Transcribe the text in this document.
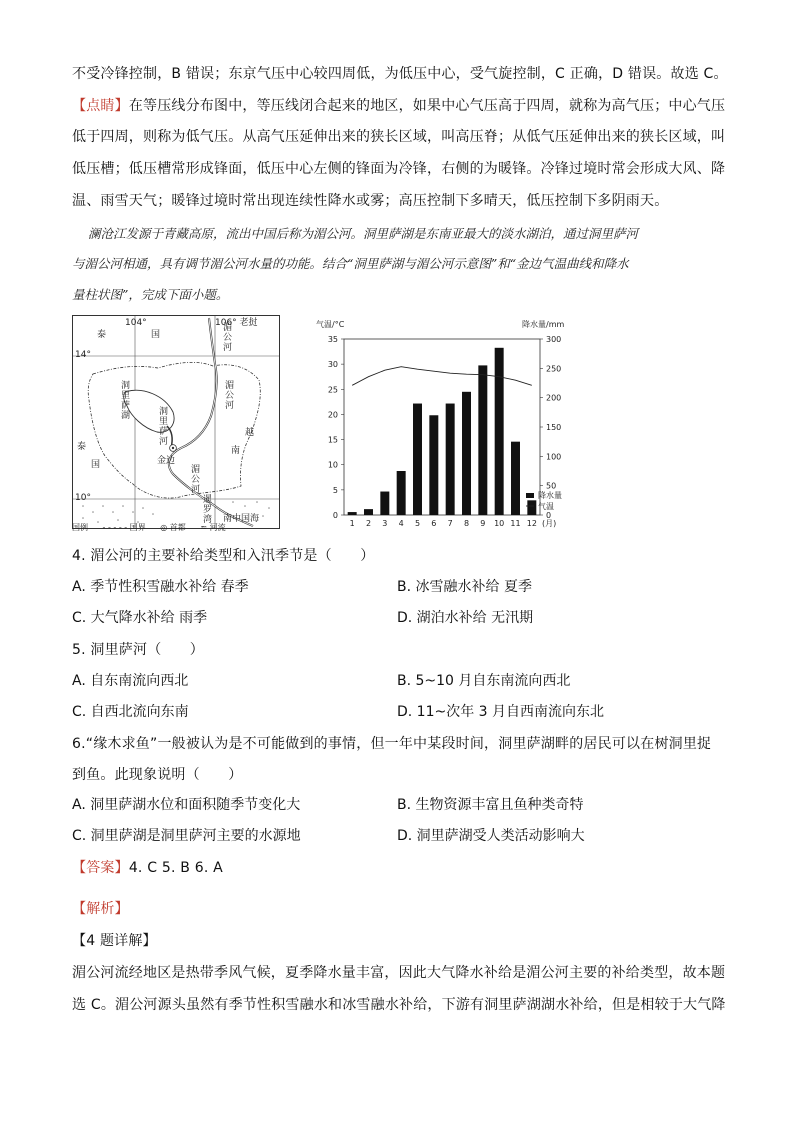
不受冷锋控制，B 错误；东京气压中心较四周低，为低压中心，受气旋控制，C 正确，D 错误。故选 C。
【点睛】在等压线分布图中，等压线闭合起来的地区，如果中心气压高于四周，就称为高气压；中心气压
低于四周，则称为低气压。从高气压延伸出来的狭长区域，叫高压脊；从低气压延伸出来的狭长区域，叫
低压槽；低压槽常形成锋面，低压中心左侧的锋面为冷锋，右侧的为暖锋。冷锋过境时常会形成大风、降
温、雨雪天气；暖锋过境时常出现连续性降水或雾；高压控制下多晴天，低压控制下多阴雨天。
澜沧江发源于青藏高原，流出中国后称为湄公河。洞里萨湖是东南亚最大的淡水湖泊，通过洞里萨河
与湄公河相通，具有调节湄公河水量的功能。结合“洞里萨湖与湄公河示意图”和“金边气温曲线和降水
量柱状图”，完成下面小题。
104°	106° 老挝
14°
10°
泰	国	湄公河
湄公河
洞里萨湖
洞里萨河
金边
越
南
湄公河
泰
国
暹罗湾 南中国海
国例 - - - - - 国界 ◎ 首都 ≈ 河流
气温/°C	降水量/mm
0
5
10
15
20
25
30
35
0
50
100
150
200
250
300
1 2 3 4 5 6 7 8 9 10 11 12 (月)
降水量
气温
4. 湄公河的主要补给类型和入汛季节是（　　）
A. 季节性积雪融水补给 春季	B. 冰雪融水补给 夏季
C. 大气降水补给 雨季	D. 湖泊水补给 无汛期
5. 洞里萨河（　　）
A. 自东南流向西北	B. 5~10 月自东南流向西北
C. 自西北流向东南	D. 11~次年 3 月自西南流向东北
6.“缘木求鱼”一般被认为是不可能做到的事情，但一年中某段时间，洞里萨湖畔的居民可以在树洞里捉
到鱼。此现象说明（　　）
A. 洞里萨湖水位和面积随季节变化大	B. 生物资源丰富且鱼种类奇特
C. 洞里萨湖是洞里萨河主要的水源地	D. 洞里萨湖受人类活动影响大
【答案】4. C 5. B 6. A
【解析】
【4 题详解】
湄公河流经地区是热带季风气候，夏季降水量丰富，因此大气降水补给是湄公河主要的补给类型，故本题
选 C。湄公河源头虽然有季节性积雪融水和冰雪融水补给，下游有洞里萨湖湖水补给，但是相较于大气降
